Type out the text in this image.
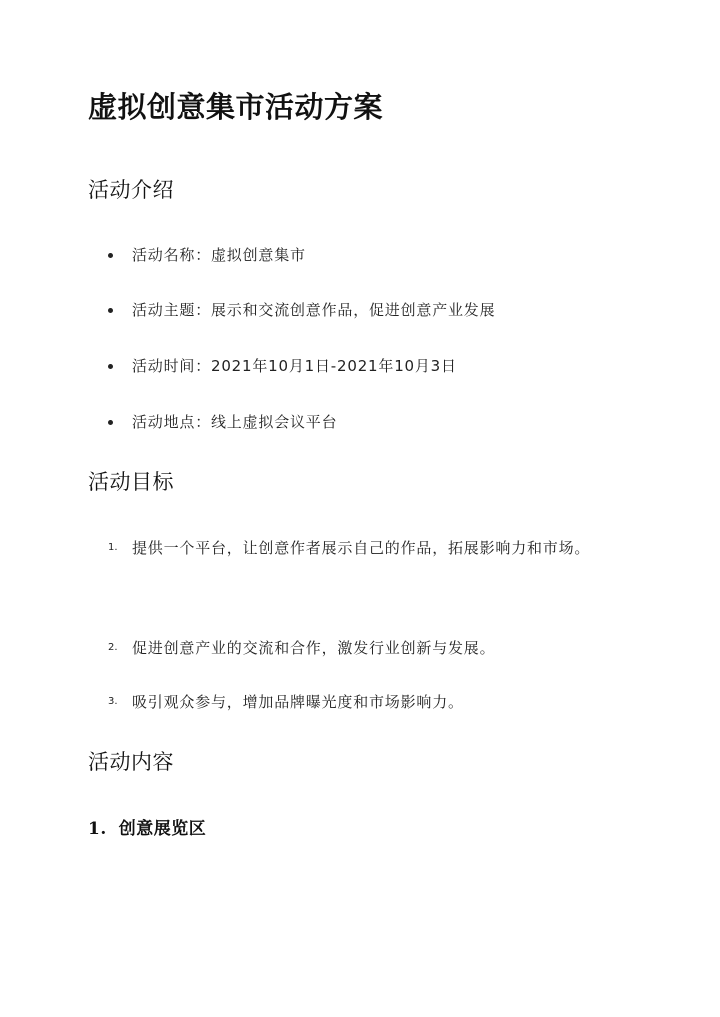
虚拟创意集市活动方案
活动介绍
活动名称：虚拟创意集市
活动主题：展示和交流创意作品，促进创意产业发展
活动时间：2021年10月1日-2021年10月3日
活动地点：线上虚拟会议平台
活动目标
1. 提供一个平台，让创意作者展示自己的作品，拓展影响力和市场。
2. 促进创意产业的交流和合作，激发行业创新与发展。
3. 吸引观众参与，增加品牌曝光度和市场影响力。
活动内容
1. 创意展览区
